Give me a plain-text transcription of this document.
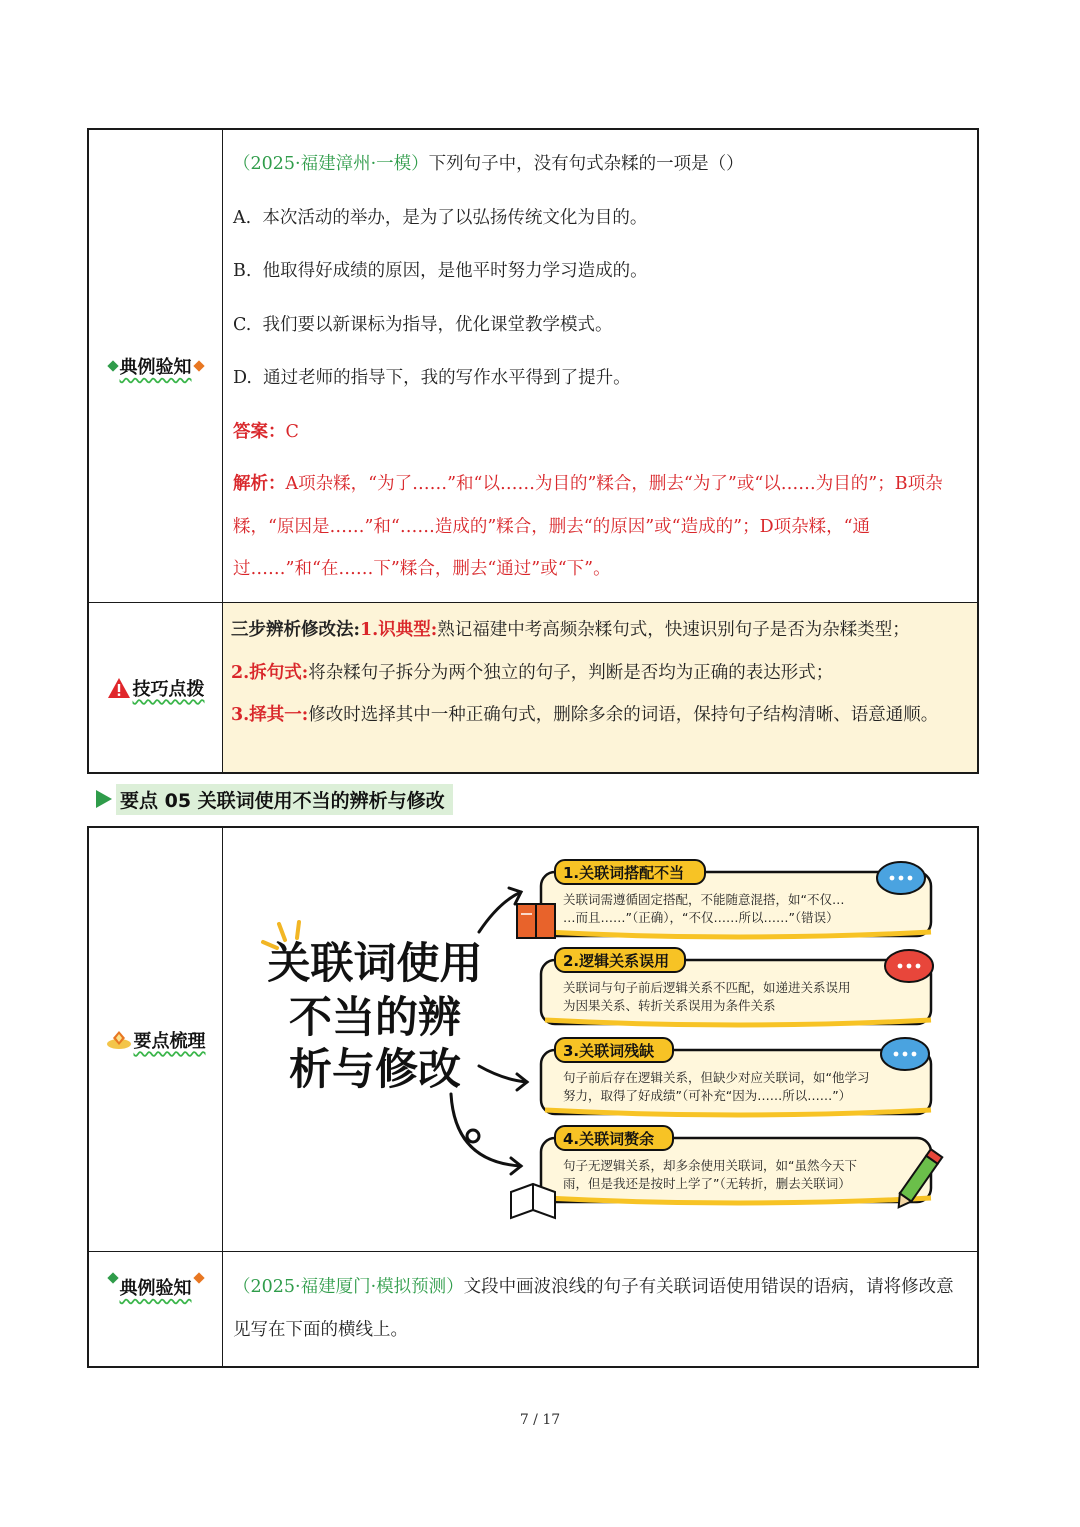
典例验知
（2025·福建漳州·一模）下列句子中，没有句式杂糅的一项是（）
A. 本次活动的举办，是为了以弘扬传统文化为目的。
B. 他取得好成绩的原因，是他平时努力学习造成的。
C. 我们要以新课标为指导，优化课堂教学模式。
D. 通过老师的指导下，我的写作水平得到了提升。
答案：C
解析：A项杂糅，“为了……”和“以……为目的”糅合，删去“为了”或“以……为目的”；B项杂糅，“原因是……”和“……造成的”糅合，删去“的原因”或“造成的”；D项杂糅，“通过……”和“在……下”糅合，删去“通过”或“下”。
技巧点拨
三步辨析修改法:1.识典型:熟记福建中考高频杂糅句式，快速识别句子是否为杂糅类型；
2.拆句式:将杂糅句子拆分为两个独立的句子，判断是否均为正确的表达形式；
3.择其一:修改时选择其中一种正确句式，删除多余的词语，保持句子结构清晰、语意通顺。
要点 05 关联词使用不当的辨析与修改
要点梳理
关联词使用
不当的辨
析与修改
1.关联词搭配不当
2.逻辑关系误用
3.关联词残缺
4.关联词赘余
关联词需遵循固定搭配，不能随意混搭，如“不仅…
…而且……”（正确），“不仅……所以……”（错误）
关联词与句子前后逻辑关系不匹配，如递进关系误用
为因果关系、转折关系误用为条件关系
句子前后存在逻辑关系，但缺少对应关联词，如“他学习
努力，取得了好成绩”（可补充“因为……所以……”）
句子无逻辑关系，却多余使用关联词，如“虽然今天下
雨，但是我还是按时上学了”（无转折，删去关联词）
典例验知 （2025·福建厦门·模拟预测）文段中画波浪线的句子有关联词语使用错误的语病，请将修改意见写在下面的横线上。
7 / 17
